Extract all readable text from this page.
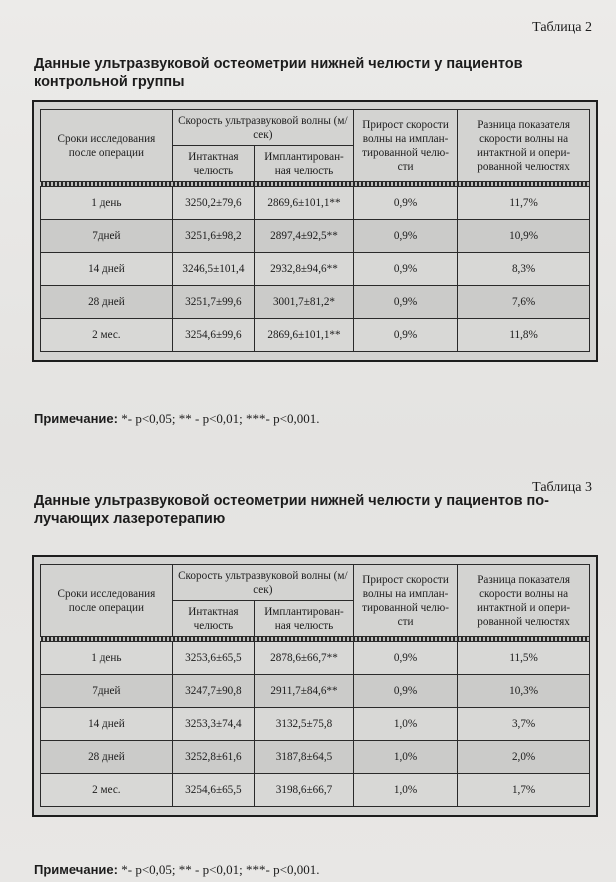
Таблица 2
Данные ультразвуковой остеометрии нижней челюсти у пациентов контрольной группы
Сроки исследования после операции	Скорость ультразвуковой волны (м/сек)		Прирост скорости волны на имплан-тированной челю-сти	Разница показателя скорости волны на интактной и опери-рованной челюстях
	Интактная челюсть	Имплантирован-ная челюсть		

1 день	3250,2±79,6	2869,6±101,1**	0,9%	11,7%
7дней	3251,6±98,2	2897,4±92,5**	0,9%	10,9%
14 дней	3246,5±101,4	2932,8±94,6**	0,9%	8,3%
28 дней	3251,7±99,6	3001,7±81,2*	0,9%	7,6%
2 мес.	3254,6±99,6	2869,6±101,1**	0,9%	11,8%
Примечание: *- p<0,05; ** - p<0,01; ***- p<0,001.
Таблица 3
Данные ультразвуковой остеометрии нижней челюсти у пациентов по-лучающих лазеротерапию
Сроки исследования после операции	Скорость ультразвуковой волны (м/сек)		Прирост скорости волны на имплан-тированной челю-сти	Разница показателя скорости волны на интактной и опери-рованной челюстях
	Интактная челюсть	Имплантирован-ная челюсть		

1 день	3253,6±65,5	2878,6±66,7**	0,9%	11,5%
7дней	3247,7±90,8	2911,7±84,6**	0,9%	10,3%
14 дней	3253,3±74,4	3132,5±75,8	1,0%	3,7%
28 дней	3252,8±61,6	3187,8±64,5	1,0%	2,0%
2 мес.	3254,6±65,5	3198,6±66,7	1,0%	1,7%
Примечание: *- p<0,05; ** - p<0,01; ***- p<0,001.
